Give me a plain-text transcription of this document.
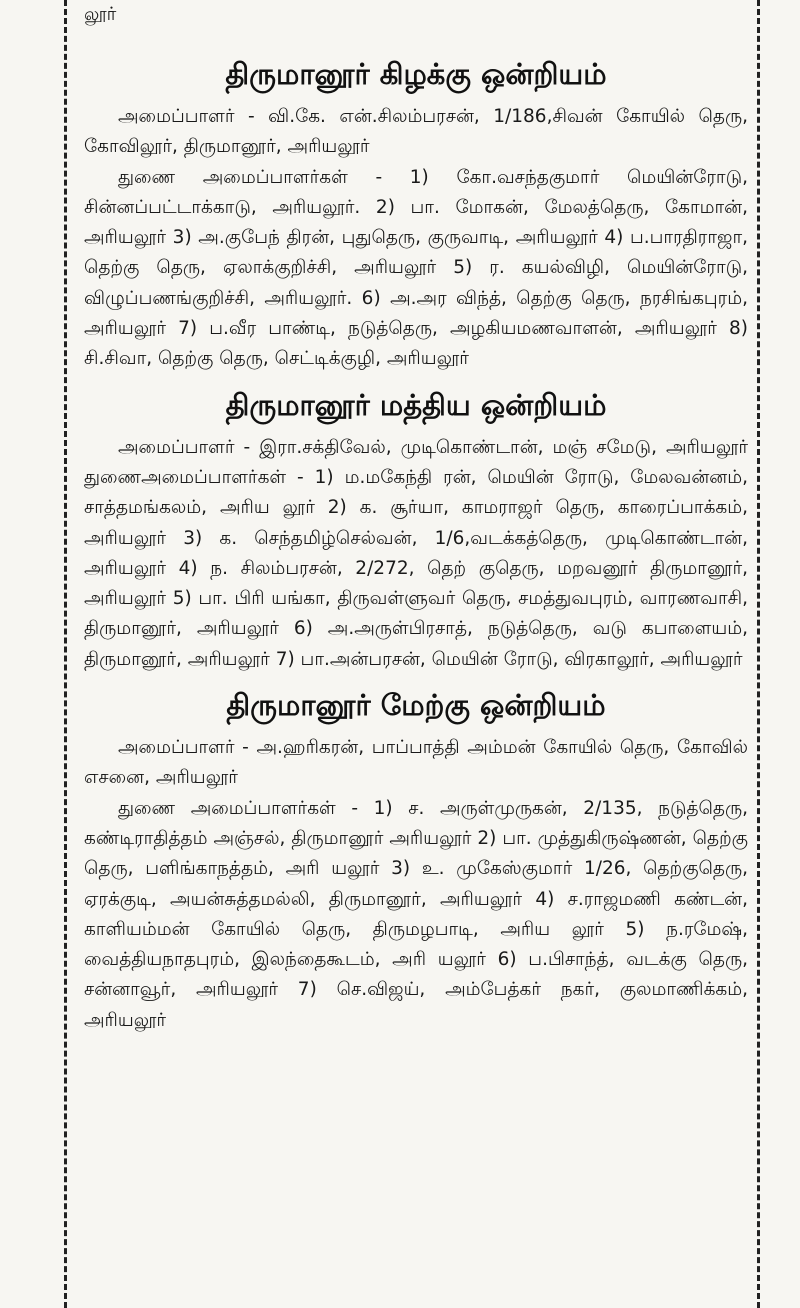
லூர்

திருமானூர் கிழக்கு ஒன்றியம்

அமைப்பாளர் - வி.கே. என்.சிலம்பரசன், 1/186,சிவன் கோயில் தெரு, கோவிலூர், திருமானூர், அரியலூர்

துணை அமைப்பாளர்கள் - 1) கோ.வசந்தகுமார் மெயின்ரோடு, சின்னப்பட்டாக்காடு, அரியலூர். 2) பா. மோகன், மேலத்தெரு, கோமான், அரியலூர் 3) அ.குபேந் திரன், புதுதெரு, குருவாடி, அரியலூர் 4) ப.பாரதிராஜா, தெற்கு தெரு, ஏலாக்குறிச்சி, அரியலூர் 5) ர. கயல்விழி, மெயின்ரோடு, விழுப்பணங்குறிச்சி, அரியலூர். 6) அ.அர விந்த், தெற்கு தெரு, நரசிங்கபுரம், அரியலூர் 7) ப.வீர பாண்டி, நடுத்தெரு, அழகியமணவாளன், அரியலூர் 8) சி.சிவா, தெற்கு தெரு, செட்டிக்குழி, அரியலூர்

திருமானூர் மத்திய ஒன்றியம்

அமைப்பாளர் - இரா.சக்திவேல், முடிகொண்டான், மஞ் சமேடு, அரியலூர் துணைஅமைப்பாளர்கள் - 1) ம.மகேந்தி ரன், மெயின் ரோடு, மேலவன்னம், சாத்தமங்கலம், அரிய லூர் 2) க. சூர்யா, காமராஜர் தெரு, காரைப்பாக்கம், அரியலூர் 3) க. செந்தமிழ்செல்வன், 1/6,வடக்கத்தெரு, முடிகொண்டான், அரியலூர் 4) ந. சிலம்பரசன், 2/272, தெற் குதெரு, மறவனூர் திருமானூர், அரியலூர் 5) பா. பிரி யங்கா, திருவள்ளுவர் தெரு, சமத்துவபுரம், வாரணவாசி, திருமானூர், அரியலூர் 6) அ.அருள்பிரசாத், நடுத்தெரு, வடு கபாளையம், திருமானூர், அரியலூர் 7) பா.அன்பரசன், மெயின் ரோடு, விரகாலூர், அரியலூர்

திருமானூர் மேற்கு ஒன்றியம்

அமைப்பாளர் - அ.ஹரிகரன், பாப்பாத்தி அம்மன் கோயில் தெரு, கோவில் எசனை, அரியலூர்

துணை அமைப்பாளர்கள் - 1) ச. அருள்முருகன், 2/135, நடுத்தெரு, கண்டிராதித்தம் அஞ்சல், திருமானூர் அரியலூர் 2) பா. முத்துகிருஷ்ணன், தெற்கு தெரு, பளிங்காநத்தம், அரி யலூர் 3) உ. முகேஸ்குமார் 1/26, தெற்குதெரு, ஏரக்குடி, அயன்சுத்தமல்லி, திருமானூர், அரியலூர் 4) ச.ராஜமணி கண்டன், காளியம்மன் கோயில் தெரு, திருமழபாடி, அரிய லூர் 5) ந.ரமேஷ், வைத்தியநாதபுரம், இலந்தைகூடம், அரி யலூர் 6) ப.பிசாந்த், வடக்கு தெரு, சன்னாவூர், அரியலூர் 7) செ.விஜய், அம்பேத்கர் நகர், குலமாணிக்கம், அரியலூர்
